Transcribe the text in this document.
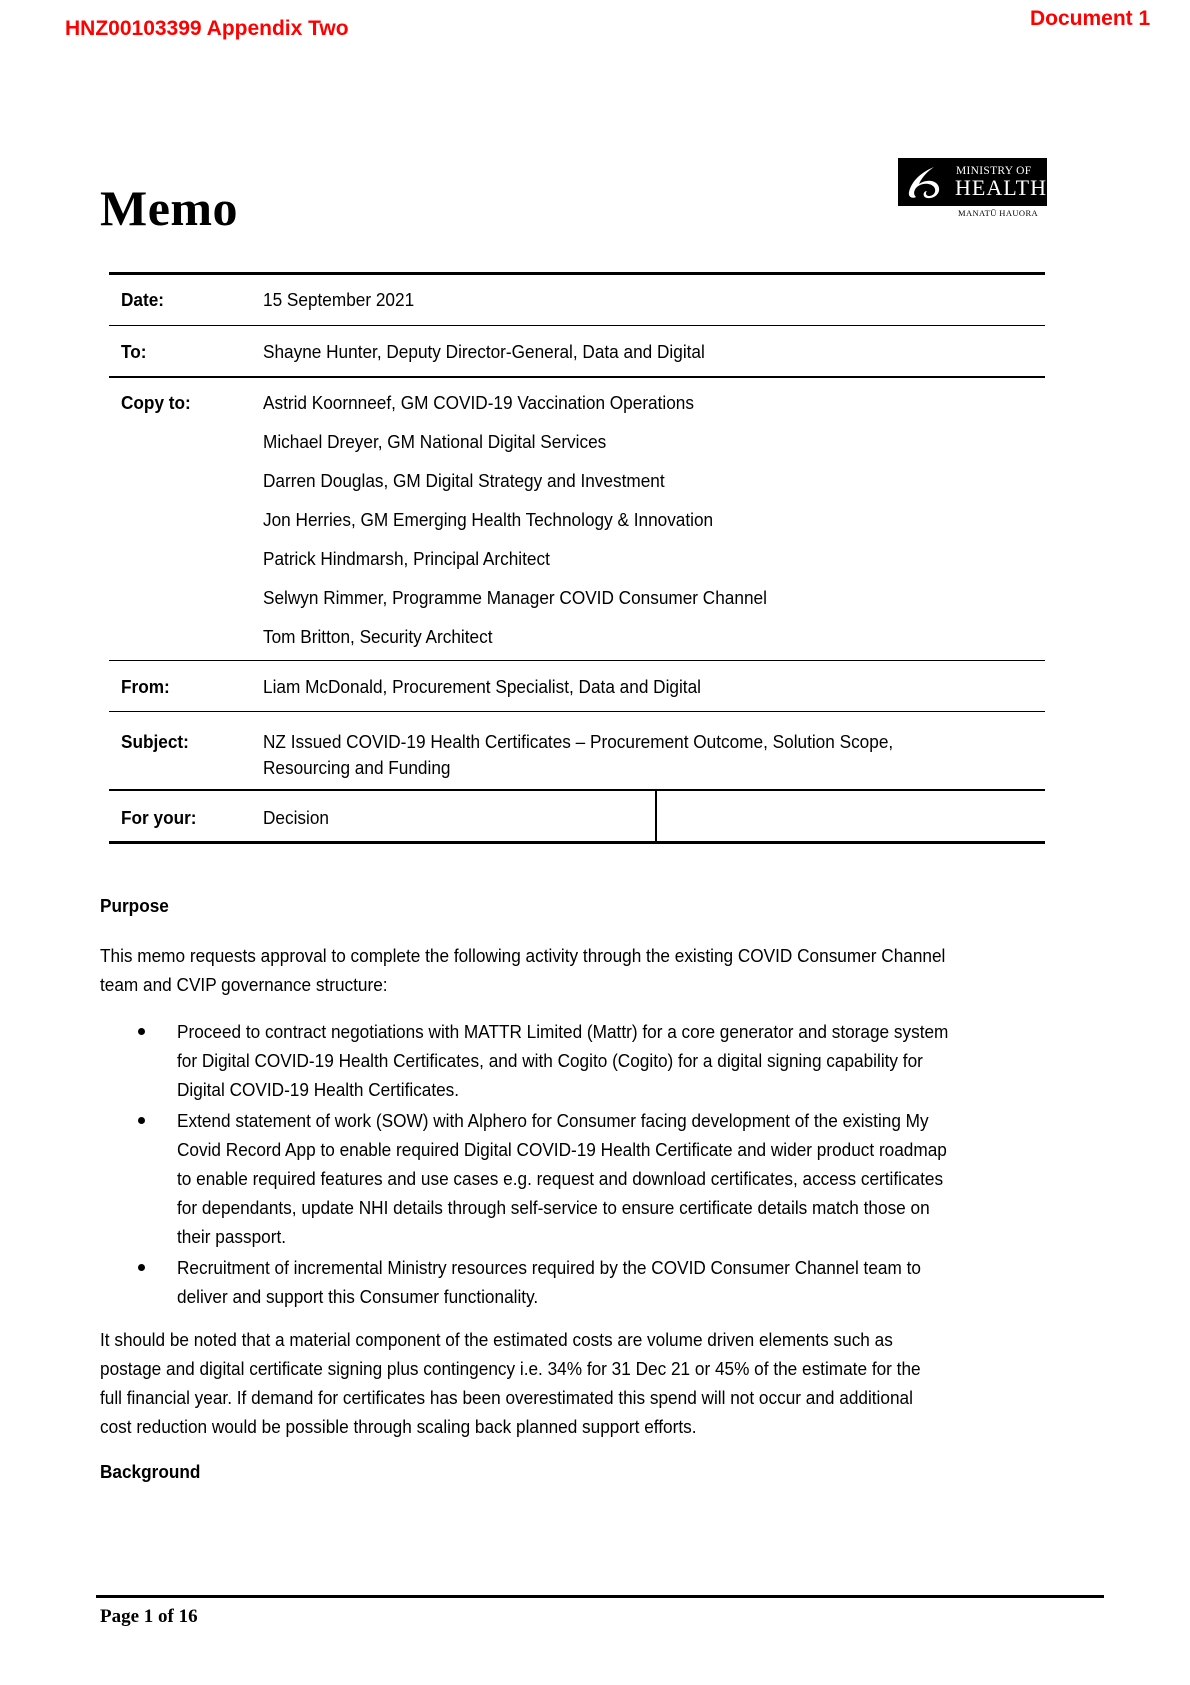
HNZ00103399 Appendix Two	Document 1
Memo
MINISTRY OF
HEALTH
MANATŪ HAUORA
Date:	15 September 2021
To:	Shayne Hunter, Deputy Director-General, Data and Digital
Copy to:	Astrid Koornneef, GM COVID-19 Vaccination Operations
Michael Dreyer, GM National Digital Services
Darren Douglas, GM Digital Strategy and Investment
Jon Herries, GM Emerging Health Technology & Innovation
Patrick Hindmarsh, Principal Architect
Selwyn Rimmer, Programme Manager COVID Consumer Channel
Tom Britton, Security Architect
From:	Liam McDonald, Procurement Specialist, Data and Digital
Subject:	NZ Issued COVID-19 Health Certificates – Procurement Outcome, Solution Scope,
Resourcing and Funding
For your:	Decision
Purpose
This memo requests approval to complete the following activity through the existing COVID Consumer Channel
team and CVIP governance structure:
Proceed to contract negotiations with MATTR Limited (Mattr) for a core generator and storage system
for Digital COVID-19 Health Certificates, and with Cogito (Cogito) for a digital signing capability for
Digital COVID-19 Health Certificates.
Extend statement of work (SOW) with Alphero for Consumer facing development of the existing My
Covid Record App to enable required Digital COVID-19 Health Certificate and wider product roadmap
to enable required features and use cases e.g. request and download certificates, access certificates
for dependants, update NHI details through self-service to ensure certificate details match those on
their passport.
Recruitment of incremental Ministry resources required by the COVID Consumer Channel team to
deliver and support this Consumer functionality.
It should be noted that a material component of the estimated costs are volume driven elements such as
postage and digital certificate signing plus contingency i.e. 34% for 31 Dec 21 or 45% of the estimate for the
full financial year. If demand for certificates has been overestimated this spend will not occur and additional
cost reduction would be possible through scaling back planned support efforts.
Background
Page 1 of 16
